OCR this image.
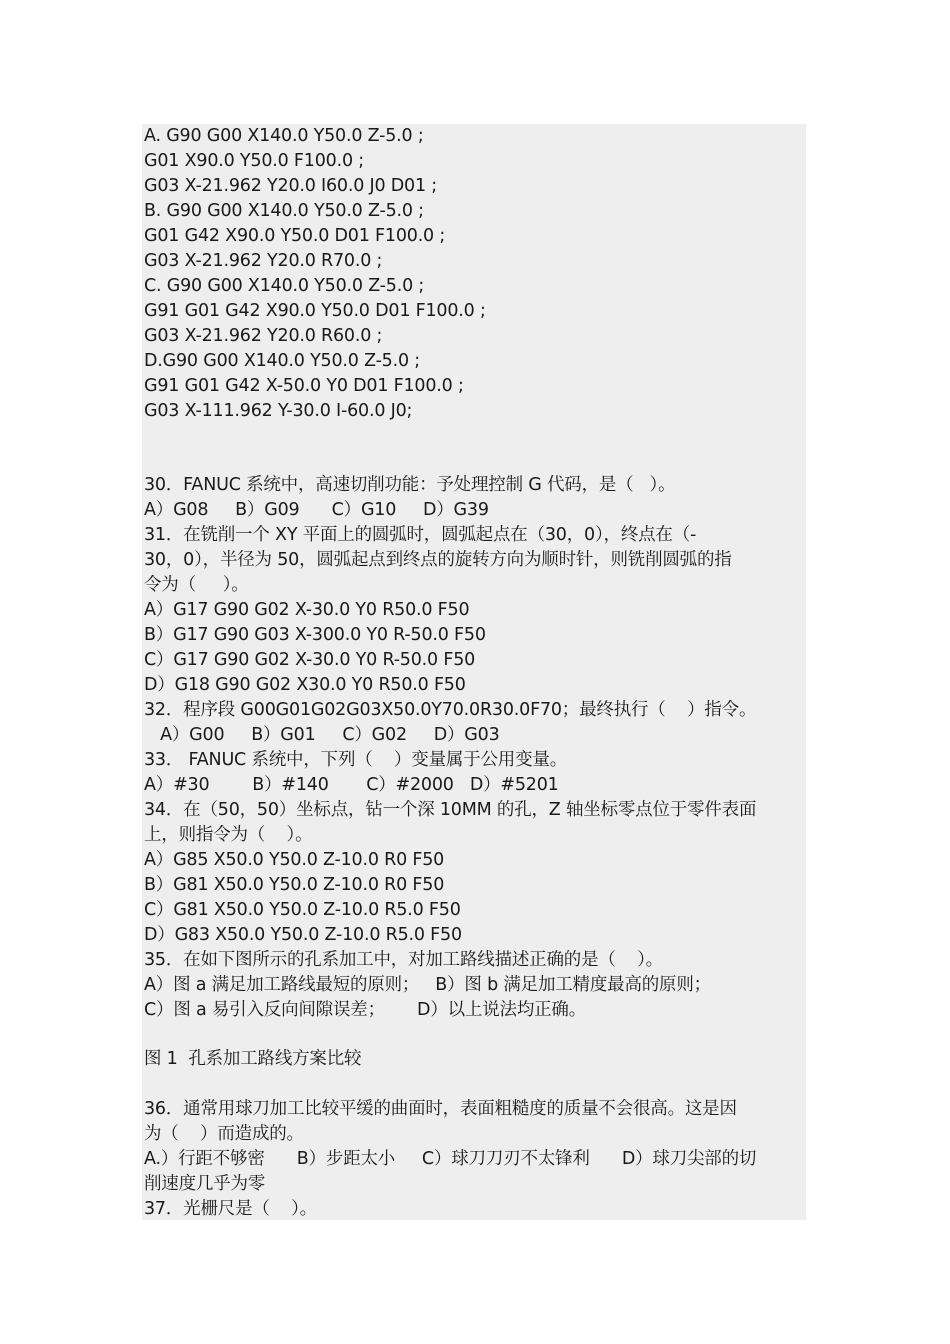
A. G90 G00 X140.0 Y50.0 Z-5.0 ;
G01 X90.0 Y50.0 F100.0 ;
G03 X-21.962 Y20.0 I60.0 J0 D01 ;
B. G90 G00 X140.0 Y50.0 Z-5.0 ;
G01 G42 X90.0 Y50.0 D01 F100.0 ;
G03 X-21.962 Y20.0 R70.0 ;
C. G90 G00 X140.0 Y50.0 Z-5.0 ;
G91 G01 G42 X90.0 Y50.0 D01 F100.0 ;
G03 X-21.962 Y20.0 R60.0 ;
D.G90 G00 X140.0 Y50.0 Z-5.0 ;
G91 G01 G42 X-50.0 Y0 D01 F100.0 ;
G03 X-111.962 Y-30.0 I-60.0 J0;
30．FANUC 系统中，高速切削功能：予处理控制 G 代码，是（   ）。
A）G08     B）G09      C）G10     D）G39
31．在铣削一个 XY 平面上的圆弧时，圆弧起点在（30，0），终点在（-
30，0），半径为 50，圆弧起点到终点的旋转方向为顺时针，则铣削圆弧的指
令为（     ）。
A）G17 G90 G02 X-30.0 Y0 R50.0 F50
B）G17 G90 G03 X-300.0 Y0 R-50.0 F50
C）G17 G90 G02 X-30.0 Y0 R-50.0 F50
D）G18 G90 G02 X30.0 Y0 R50.0 F50
32．程序段 G00G01G02G03X50.0Y70.0R30.0F70；最终执行（    ）指令。
A）G00     B）G01     C）G02     D）G03
33． FANUC 系统中，下列（    ）变量属于公用变量。
A）#30        B）#140       C）#2000   D）#5201
34．在（50，50）坐标点，钻一个深 10MM 的孔，Z 轴坐标零点位于零件表面
上，则指令为（    ）。
A）G85 X50.0 Y50.0 Z-10.0 R0 F50
B）G81 X50.0 Y50.0 Z-10.0 R0 F50
C）G81 X50.0 Y50.0 Z-10.0 R5.0 F50
D）G83 X50.0 Y50.0 Z-10.0 R5.0 F50
35．在如下图所示的孔系加工中，对加工路线描述正确的是（    ）。
A）图 a 满足加工路线最短的原则；   B）图 b 满足加工精度最高的原则；
C）图 a 易引入反向间隙误差；      D）以上说法均正确。
图 1  孔系加工路线方案比较
36．通常用球刀加工比较平缓的曲面时，表面粗糙度的质量不会很高。这是因
为（    ）而造成的。
A.）行距不够密      B）步距太小     C）球刀刀刃不太锋利      D）球刀尖部的切
削速度几乎为零
37．光栅尺是（    ）。
